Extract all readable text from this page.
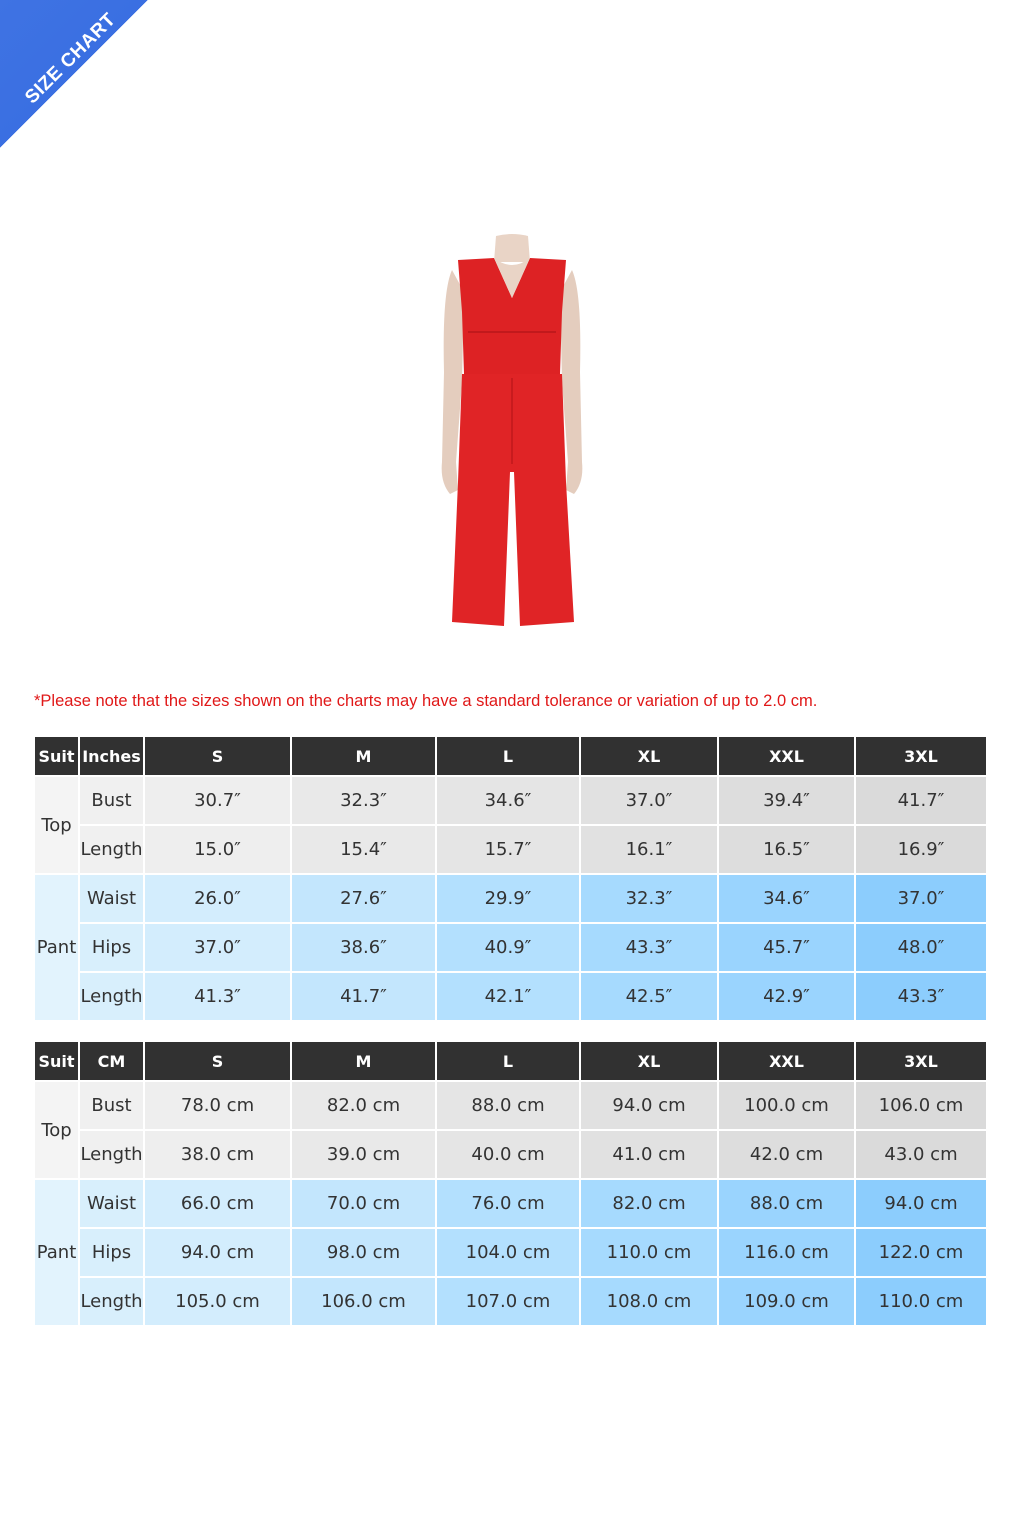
SIZE CHART
*Please note that the sizes shown on the charts may have a standard tolerance or variation of up to 2.0 cm.
Suit	Inches	S	M	L	XL	XXL	3XL
Top	Bust	30.7″	32.3″	34.6″	37.0″	39.4″	41.7″
	Length	15.0″	15.4″	15.7″	16.1″	16.5″	16.9″
Pant	Waist	26.0″	27.6″	29.9″	32.3″	34.6″	37.0″
	Hips	37.0″	38.6″	40.9″	43.3″	45.7″	48.0″
	Length	41.3″	41.7″	42.1″	42.5″	42.9″	43.3″
Suit	CM	S	M	L	XL	XXL	3XL
Top	Bust	78.0 cm	82.0 cm	88.0 cm	94.0 cm	100.0 cm	106.0 cm
	Length	38.0 cm	39.0 cm	40.0 cm	41.0 cm	42.0 cm	43.0 cm
Pant	Waist	66.0 cm	70.0 cm	76.0 cm	82.0 cm	88.0 cm	94.0 cm
	Hips	94.0 cm	98.0 cm	104.0 cm	110.0 cm	116.0 cm	122.0 cm
	Length	105.0 cm	106.0 cm	107.0 cm	108.0 cm	109.0 cm	110.0 cm
